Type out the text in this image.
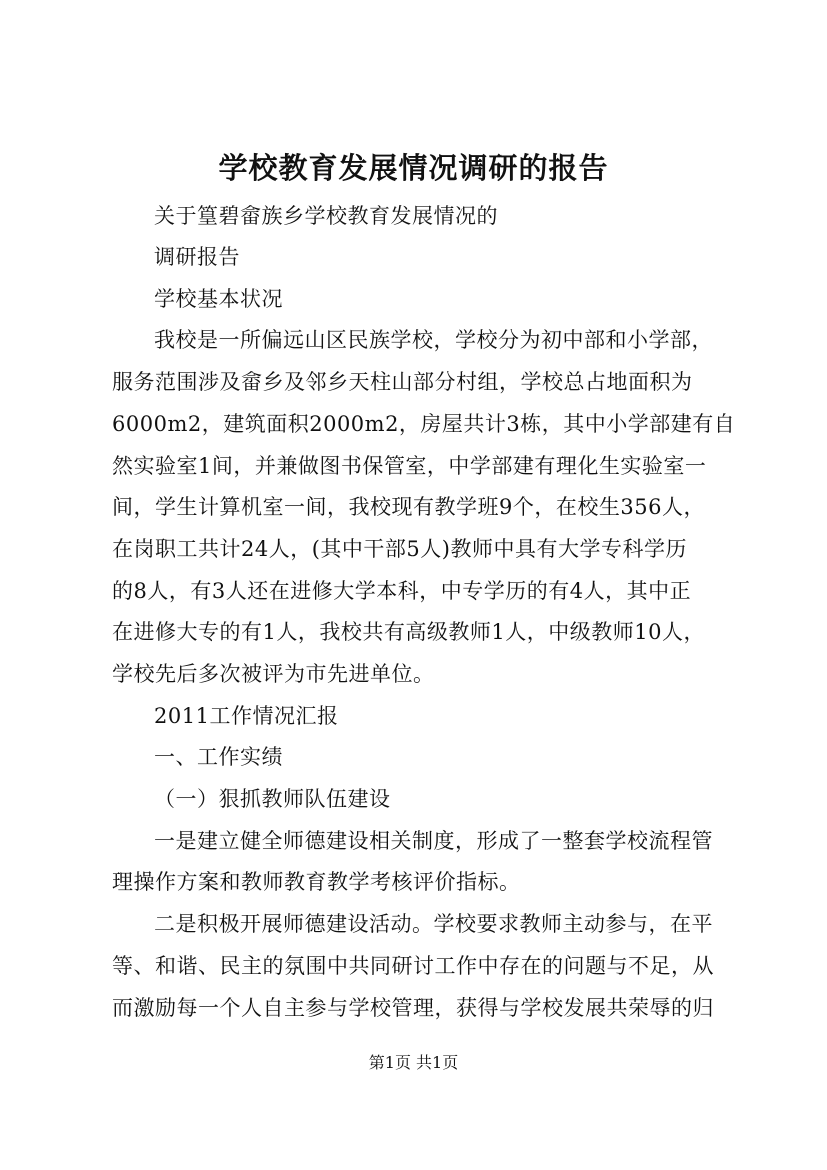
学校教育发展情况调研的报告
关于篁碧畲族乡学校教育发展情况的
调研报告
学校基本状况
我校是一所偏远山区民族学校，学校分为初中部和小学部，
服务范围涉及畲乡及邻乡天柱山部分村组，学校总占地面积为
6000m2，建筑面积2000m2，房屋共计3栋，其中小学部建有自
然实验室1间，并兼做图书保管室，中学部建有理化生实验室一
间，学生计算机室一间，我校现有教学班9个，在校生356人，
在岗职工共计24人，(其中干部5人)教师中具有大学专科学历
的8人，有3人还在进修大学本科，中专学历的有4人，其中正
在进修大专的有1人，我校共有高级教师1人，中级教师10人，
学校先后多次被评为市先进单位。
2011工作情况汇报
一、工作实绩
（一）狠抓教师队伍建设
一是建立健全师德建设相关制度，形成了一整套学校流程管
理操作方案和教师教育教学考核评价指标。
二是积极开展师德建设活动。学校要求教师主动参与，在平
等、和谐、民主的氛围中共同研讨工作中存在的问题与不足，从
而激励每一个人自主参与学校管理，获得与学校发展共荣辱的归
第1页 共1页
